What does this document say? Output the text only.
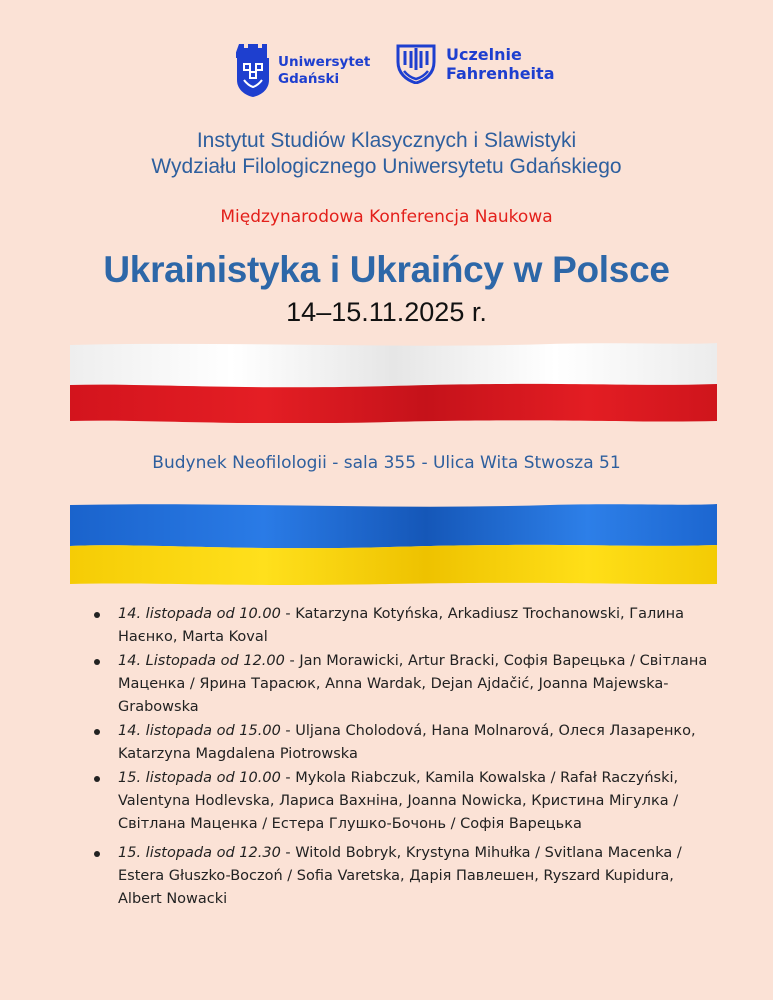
Uniwersytet
Gdański
Uczelnie
Fahrenheita
Instytut Studiów Klasycznych i Slawistyki
Wydziału Filologicznego Uniwersytetu Gdańskiego
Międzynarodowa Konferencja Naukowa
Ukrainistyka i Ukraińcy w Polsce
14–15.11.2025 r.
Budynek Neofilologii - sala 355 - Ulica Wita Stwosza 51
14. listopada od 10.00 - Katarzyna Kotyńska, Arkadiusz Trochanowski, Галина Наєнко, Marta Koval
14. Listopada od 12.00 - Jan Morawicki, Artur Bracki, Софія Варецька / Світлана Маценка / Ярина Тарасюк, Anna Wardak, Dejan Ajdačić, Joanna Majewska-Grabowska
14. listopada od 15.00 - Uljana Cholodová, Hana Molnarová, Олеся Лазаренко, Katarzyna Magdalena Piotrowska
15. listopada od 10.00 - Mykola Riabczuk, Kamila Kowalska / Rafał Raczyński, Valentyna Hodlevska, Лариса Вахніна, Joanna Nowicka, Кристина Мігулка / Світлана Маценка / Естера Глушко-Бочонь / Софія Варецька
15. listopada od 12.30 - Witold Bobryk, Krystyna Mihułka / Svitlana Macenka / Estera Głuszko-Boczoń / Sofia Varetska, Дарія Павлешен, Ryszard Kupidura, Albert Nowacki
